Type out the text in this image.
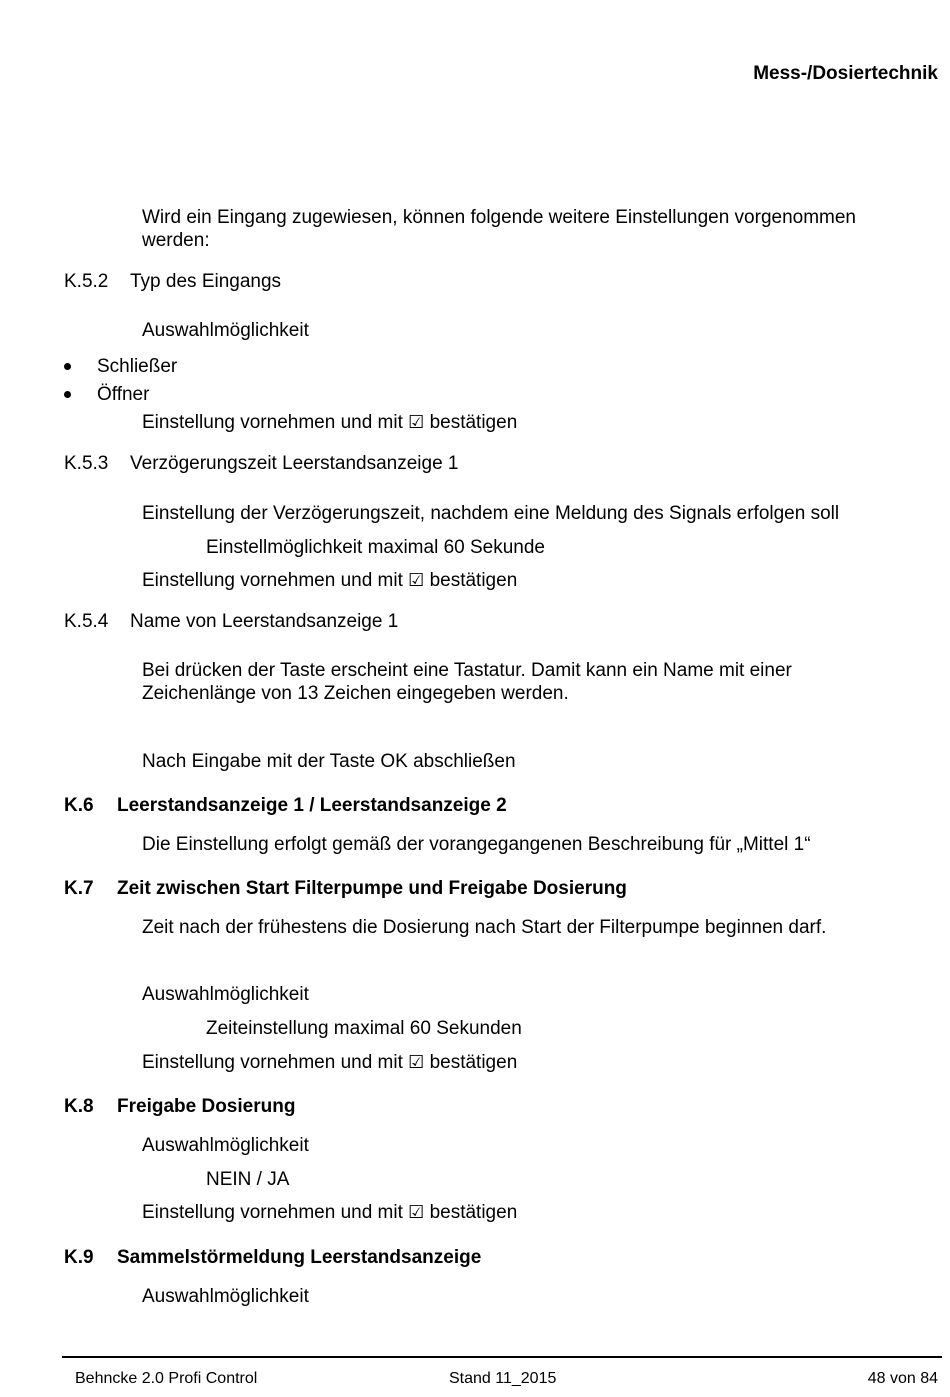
Mess-/Dosiertechnik
Wird ein Eingang zugewiesen, können folgende weitere Einstellungen vorgenommen
werden:
K.5.2 Typ des Eingangs
Auswahlmöglichkeit
Schließer
Öffner
Einstellung vornehmen und mit ☑ bestätigen
K.5.3 Verzögerungszeit Leerstandsanzeige 1
Einstellung der Verzögerungszeit, nachdem eine Meldung des Signals erfolgen soll
Einstellmöglichkeit maximal 60 Sekunde
Einstellung vornehmen und mit ☑ bestätigen
K.5.4 Name von Leerstandsanzeige 1
Bei drücken der Taste erscheint eine Tastatur. Damit kann ein Name mit einer
Zeichenlänge von 13 Zeichen eingegeben werden.
Nach Eingabe mit der Taste OK abschließen
K.6 Leerstandsanzeige 1 / Leerstandsanzeige 2
Die Einstellung erfolgt gemäß der vorangegangenen Beschreibung für „Mittel 1“
K.7 Zeit zwischen Start Filterpumpe und Freigabe Dosierung
Zeit nach der frühestens die Dosierung nach Start der Filterpumpe beginnen darf.
Auswahlmöglichkeit
Zeiteinstellung maximal 60 Sekunden
Einstellung vornehmen und mit ☑ bestätigen
K.8 Freigabe Dosierung
Auswahlmöglichkeit
NEIN / JA
Einstellung vornehmen und mit ☑ bestätigen
K.9 Sammelstörmeldung Leerstandsanzeige
Auswahlmöglichkeit
Behncke 2.0 Profi Control	Stand 11_2015	48 von 84
